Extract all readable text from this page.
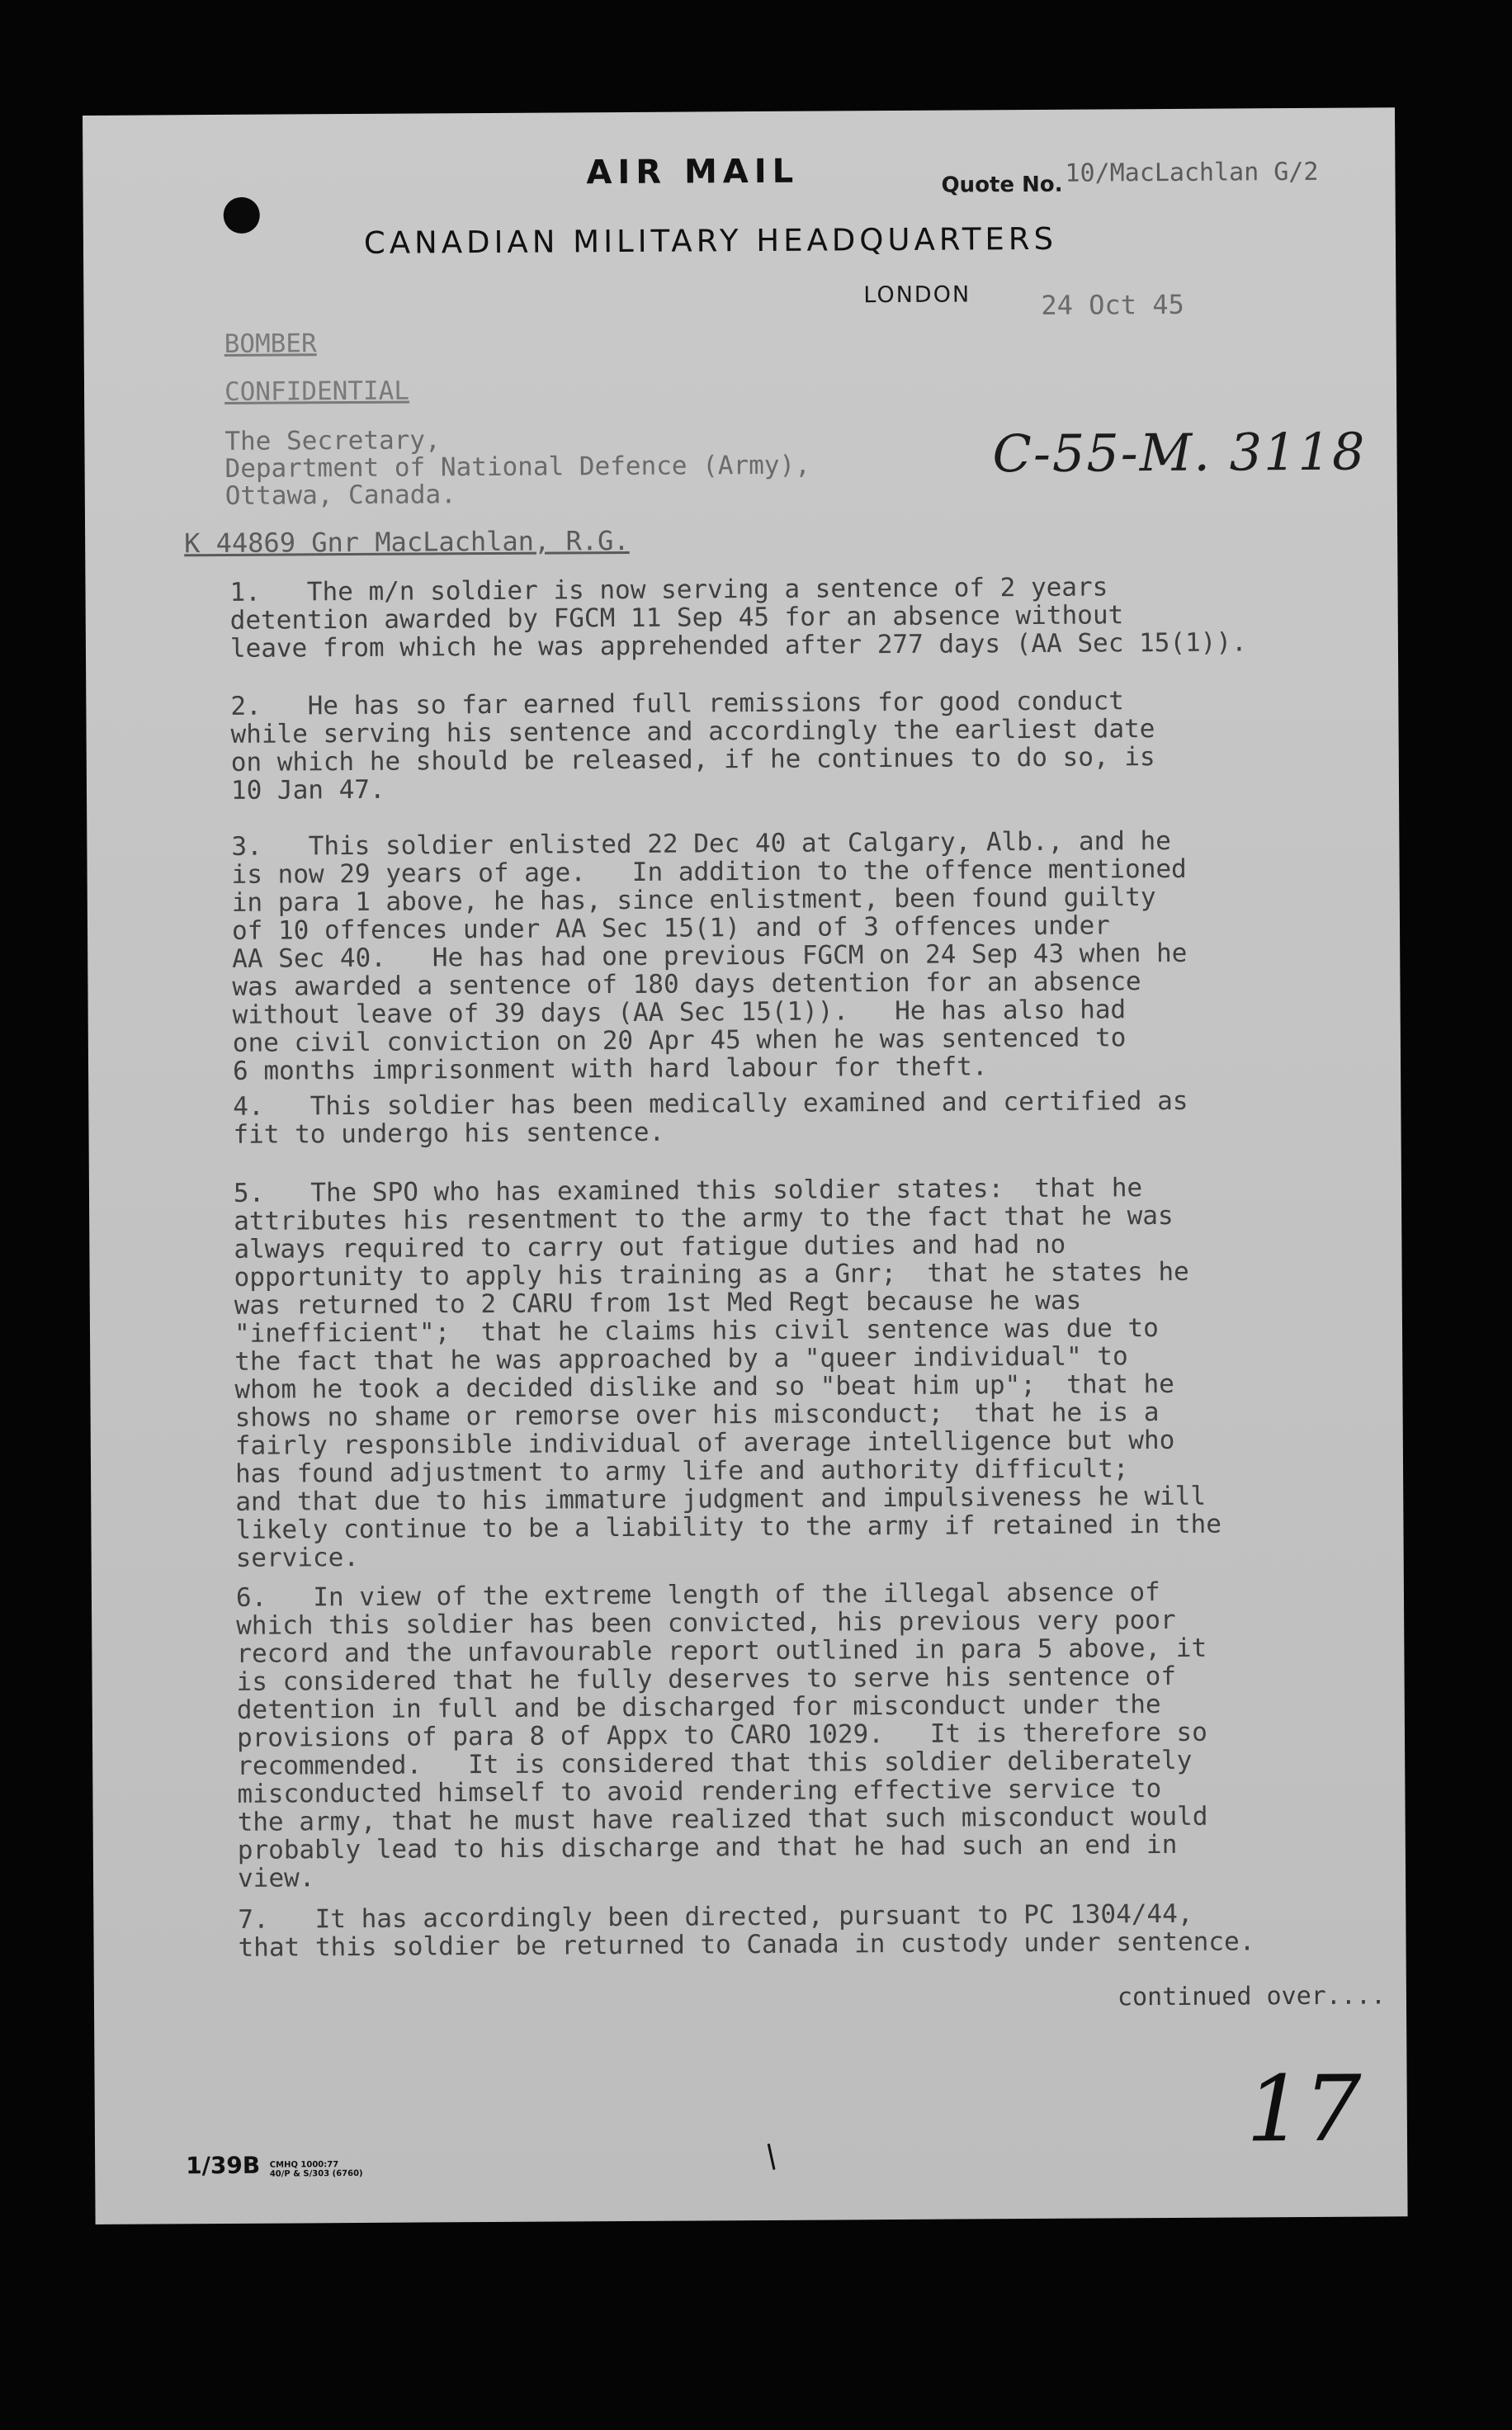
AIR MAIL	Quote No. 10/MacLachlan G/2
CANADIAN MILITARY HEADQUARTERS
LONDON	24 Oct 45
BOMBER
CONFIDENTIAL
The Secretary,
Department of National Defence (Army),
Ottawa, Canada.
C-55-M. 3118
K 44869 Gnr MacLachlan, R.G.
1.   The m/n soldier is now serving a sentence of 2 years
detention awarded by FGCM 11 Sep 45 for an absence without
leave from which he was apprehended after 277 days (AA Sec 15(1)).
2.   He has so far earned full remissions for good conduct
while serving his sentence and accordingly the earliest date
on which he should be released, if he continues to do so, is
10 Jan 47.
3.   This soldier enlisted 22 Dec 40 at Calgary, Alb., and he
is now 29 years of age.   In addition to the offence mentioned
in para 1 above, he has, since enlistment, been found guilty
of 10 offences under AA Sec 15(1) and of 3 offences under
AA Sec 40.   He has had one previous FGCM on 24 Sep 43 when he
was awarded a sentence of 180 days detention for an absence
without leave of 39 days (AA Sec 15(1)).   He has also had
one civil conviction on 20 Apr 45 when he was sentenced to
6 months imprisonment with hard labour for theft.
4.   This soldier has been medically examined and certified as
fit to undergo his sentence.
5.   The SPO who has examined this soldier states:  that he
attributes his resentment to the army to the fact that he was
always required to carry out fatigue duties and had no
opportunity to apply his training as a Gnr;  that he states he
was returned to 2 CARU from 1st Med Regt because he was
"inefficient";  that he claims his civil sentence was due to
the fact that he was approached by a "queer individual" to
whom he took a decided dislike and so "beat him up";  that he
shows no shame or remorse over his misconduct;  that he is a
fairly responsible individual of average intelligence but who
has found adjustment to army life and authority difficult;
and that due to his immature judgment and impulsiveness he will
likely continue to be a liability to the army if retained in the
service.
6.   In view of the extreme length of the illegal absence of
which this soldier has been convicted, his previous very poor
record and the unfavourable report outlined in para 5 above, it
is considered that he fully deserves to serve his sentence of
detention in full and be discharged for misconduct under the
provisions of para 8 of Appx to CARO 1029.   It is therefore so
recommended.   It is considered that this soldier deliberately
misconducted himself to avoid rendering effective service to
the army, that he must have realized that such misconduct would
probably lead to his discharge and that he had such an end in
view.
7.   It has accordingly been directed, pursuant to PC 1304/44,
that this soldier be returned to Canada in custody under sentence.
continued over....
17
1/39B CMHQ 1000:77
40/P & S/303 (6760)
